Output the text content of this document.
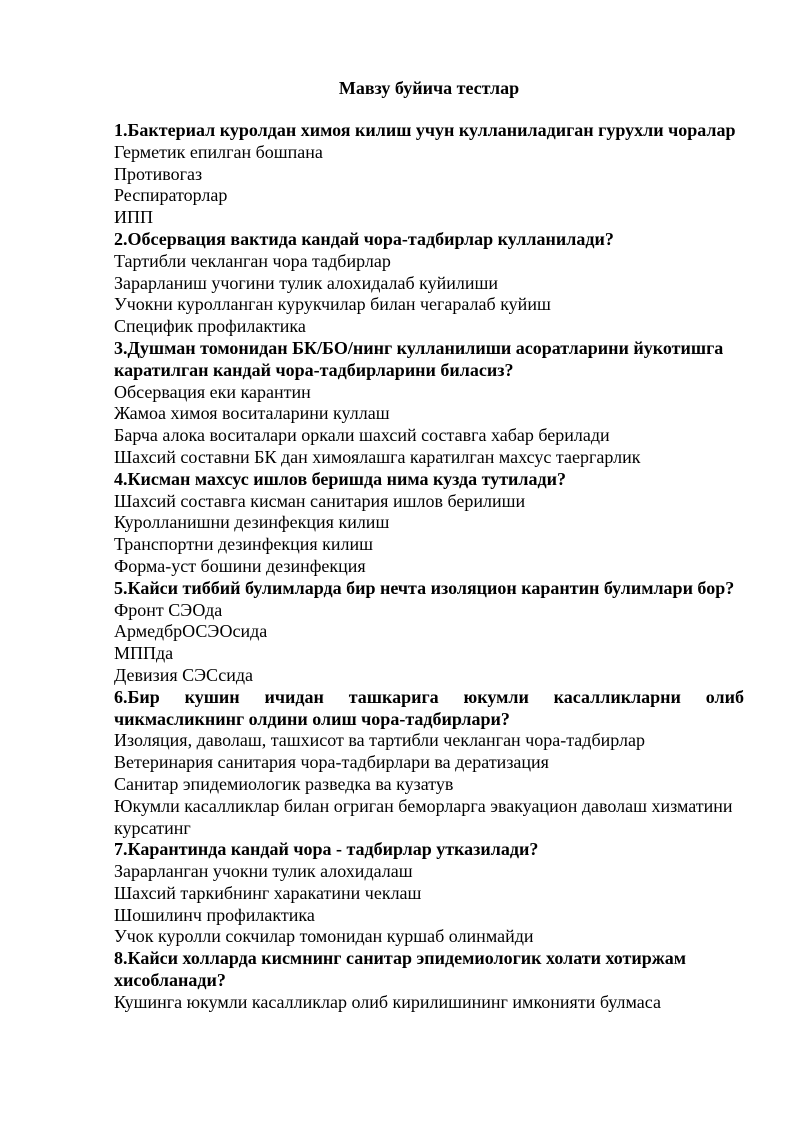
Мавзу буйича тестлар

1.Бактериал куролдан химоя килиш учун кулланиладиган гурухли чоралар

Герметик епилган бошпана

Противогаз

Респираторлар

ИПП

2.Обсервация вактида кандай чора-тадбирлар кулланилади?

Тартибли чекланган чора тадбирлар

Зарарланиш учогини тулик алохидалаб куйилиши

Учокни куролланган курукчилар билан чегаралаб куйиш

Специфик профилактика

3.Душман томонидан БК/БО/нинг кулланилиши асоратларини йукотишга каратилган кандай чора-тадбирларини биласиз?

Обсервация еки карантин

Жамоа химоя воситаларини куллаш

Барча алока воситалари оркали шахсий составга хабар берилади

Шахсий составни БК дан химоялашга каратилган махсус таергарлик

4.Кисман махсус ишлов беришда нима кузда тутилади?

Шахсий составга кисман санитария ишлов берилиши

Куролланишни дезинфекция килиш

Транспортни дезинфекция килиш

Форма-уст бошини дезинфекция

5.Кайси тиббий булимларда бир нечта изоляцион карантин булимлари бор?

Фронт СЭОда

АрмедбрОСЭОсида

МППда

Девизия СЭСсида

6.Бир кушин ичидан ташкарига юкумли касалликларни олиб чикмасликнинг олдини олиш чора-тадбирлари?

Изоляция, даволаш, ташхисот ва тартибли чекланган чора-тадбирлар

Ветеринария санитария чора-тадбирлари ва дератизация

Санитар эпидемиологик разведка ва кузатув

Юкумли касалликлар билан огриган беморларга эвакуацион даволаш хизматини курсатинг

7.Карантинда кандай чора - тадбирлар утказилади?

Зарарланган учокни тулик алохидалаш

Шахсий таркибнинг харакатини чеклаш

Шошилинч профилактика

Учок куролли сокчилар томонидан куршаб олинмайди

8.Кайси холларда кисмнинг санитар эпидемиологик холати хотиржам хисобланади?

Кушинга юкумли касалликлар олиб кирилишининг имконияти булмаса
